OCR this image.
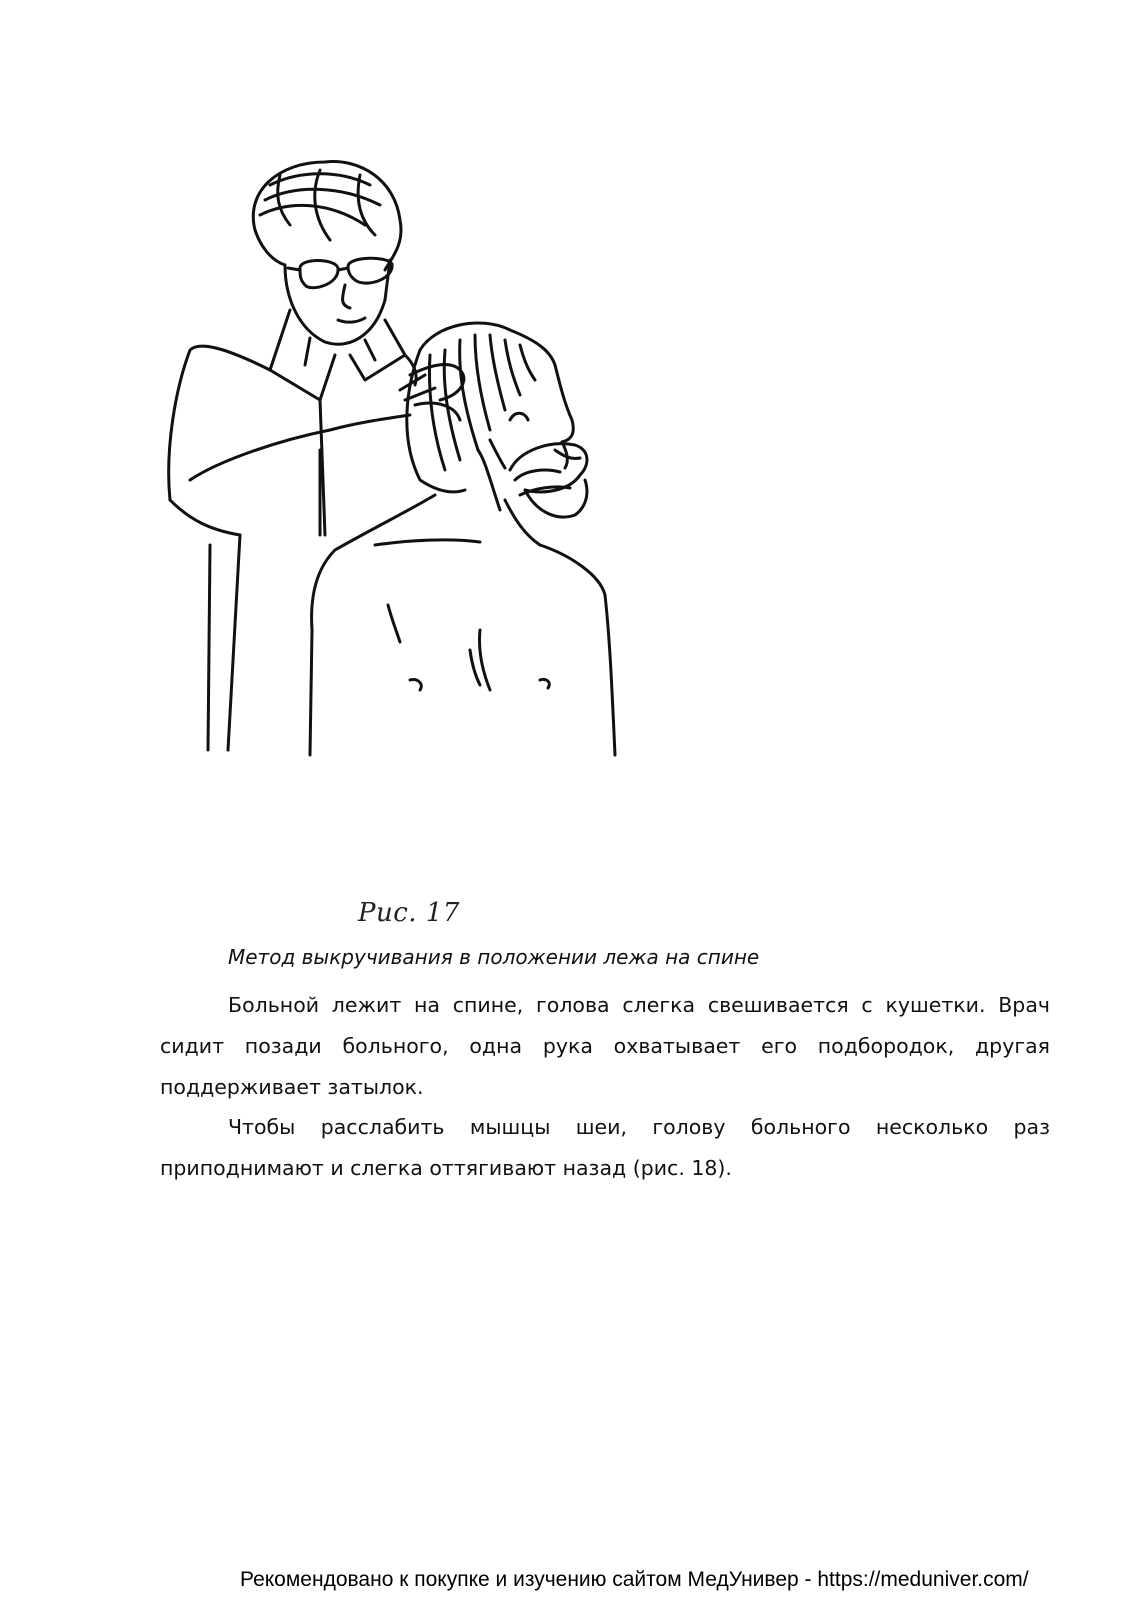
Рис. 17
Метод выкручивания в положении лежа на спине

Больной лежит на спине, голова слегка свешивается с кушетки. Врач сидит позади больного, одна рука охватывает его подбородок, другая поддерживает затылок.

Чтобы расслабить мышцы шеи, голову больного несколько раз приподнимают и слегка оттягивают назад (рис. 18).

Рекомендовано к покупке и изучению сайтом МедУнивер - https://meduniver.com/
